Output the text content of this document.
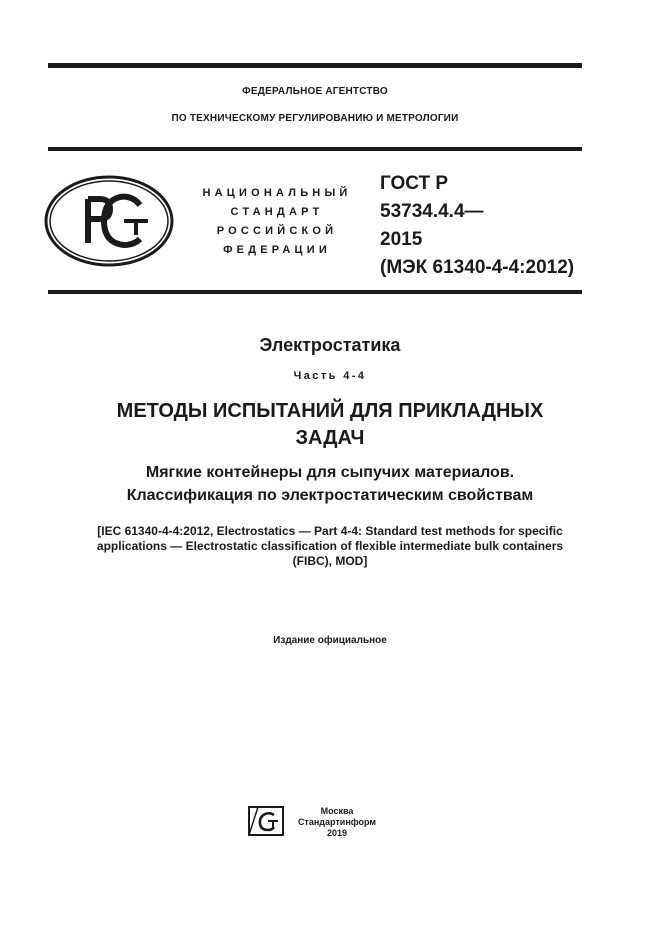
ФЕДЕРАЛЬНОЕ АГЕНТСТВО
ПО ТЕХНИЧЕСКОМУ РЕГУЛИРОВАНИЮ И МЕТРОЛОГИИ
НАЦИОНАЛЬНЫЙ
СТАНДАРТ
РОССИЙСКОЙ
ФЕДЕРАЦИИ
ГОСТ Р
53734.4.4—
2015
(МЭК 61340-4-4:2012)
Электростатика
Часть 4-4
МЕТОДЫ ИСПЫТАНИЙ ДЛЯ ПРИКЛАДНЫХ
ЗАДАЧ
Мягкие контейнеры для сыпучих материалов.
Классификация по электростатическим свойствам
[IEC 61340-4-4:2012, Electrostatics — Part 4-4: Standard test methods for specific
applications — Electrostatic classification of flexible intermediate bulk containers
(FIBC), MOD]
Издание официальное
Москва
Стандартинформ
2019
